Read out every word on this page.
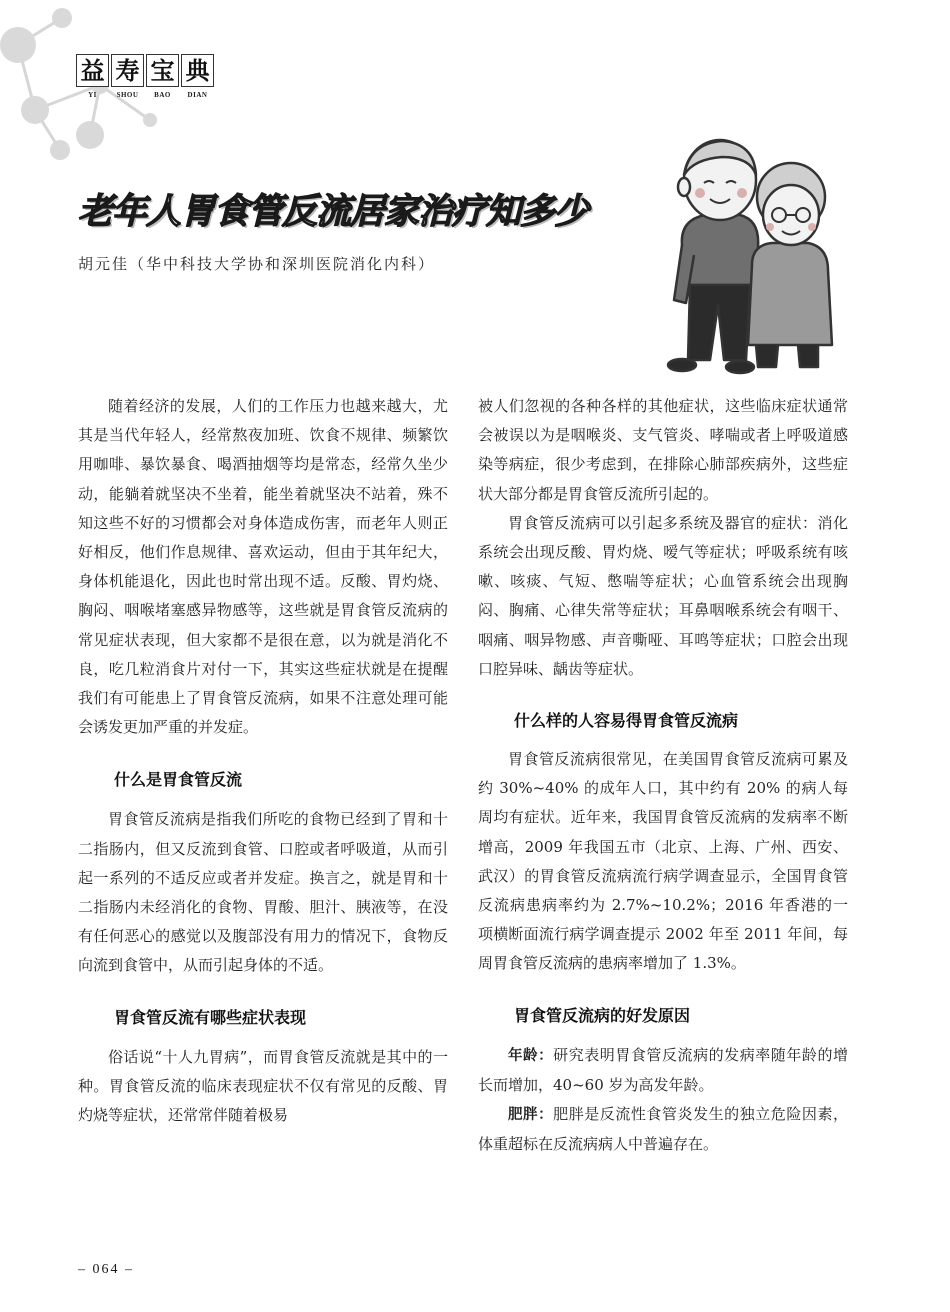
益 寿 宝 典
YI	SHOU	BAO	DIAN
老年人胃食管反流居家治疗知多少
胡元佳（华中科技大学协和深圳医院消化内科）

随着经济的发展，人们的工作压力也越来越大，尤其是当代年轻人，经常熬夜加班、饮食不规律、频繁饮用咖啡、暴饮暴食、喝酒抽烟等均是常态，经常久坐少动，能躺着就坚决不坐着，能坐着就坚决不站着，殊不知这些不好的习惯都会对身体造成伤害，而老年人则正好相反，他们作息规律、喜欢运动，但由于其年纪大，身体机能退化，因此也时常出现不适。反酸、胃灼烧、胸闷、咽喉堵塞感异物感等，这些就是胃食管反流病的常见症状表现，但大家都不是很在意，以为就是消化不良，吃几粒消食片对付一下，其实这些症状就是在提醒我们有可能患上了胃食管反流病，如果不注意处理可能会诱发更加严重的并发症。

什么是胃食管反流

胃食管反流病是指我们所吃的食物已经到了胃和十二指肠内，但又反流到食管、口腔或者呼吸道，从而引起一系列的不适反应或者并发症。换言之，就是胃和十二指肠内未经消化的食物、胃酸、胆汁、胰液等，在没有任何恶心的感觉以及腹部没有用力的情况下，食物反向流到食管中，从而引起身体的不适。

胃食管反流有哪些症状表现

俗话说“十人九胃病”，而胃食管反流就是其中的一种。胃食管反流的临床表现症状不仅有常见的反酸、胃灼烧等症状，还常常伴随着极易

被人们忽视的各种各样的其他症状，这些临床症状通常会被误以为是咽喉炎、支气管炎、哮喘或者上呼吸道感染等病症，很少考虑到，在排除心肺部疾病外，这些症状大部分都是胃食管反流所引起的。

胃食管反流病可以引起多系统及器官的症状：消化系统会出现反酸、胃灼烧、嗳气等症状；呼吸系统有咳嗽、咳痰、气短、憋喘等症状；心血管系统会出现胸闷、胸痛、心律失常等症状；耳鼻咽喉系统会有咽干、咽痛、咽异物感、声音嘶哑、耳鸣等症状；口腔会出现口腔异味、龋齿等症状。

什么样的人容易得胃食管反流病

胃食管反流病很常见，在美国胃食管反流病可累及约 30%~40% 的成年人口，其中约有 20% 的病人每周均有症状。近年来，我国胃食管反流病的发病率不断增高，2009 年我国五市（北京、上海、广州、西安、武汉）的胃食管反流病流行病学调查显示，全国胃食管反流病患病率约为 2.7%~10.2%；2016 年香港的一项横断面流行病学调查提示 2002 年至 2011 年间，每周胃食管反流病的患病率增加了 1.3%。

胃食管反流病的好发原因

年龄：研究表明胃食管反流病的发病率随年龄的增长而增加，40~60 岁为高发年龄。

肥胖：肥胖是反流性食管炎发生的独立危险因素，体重超标在反流病病人中普遍存在。

– 064 –
